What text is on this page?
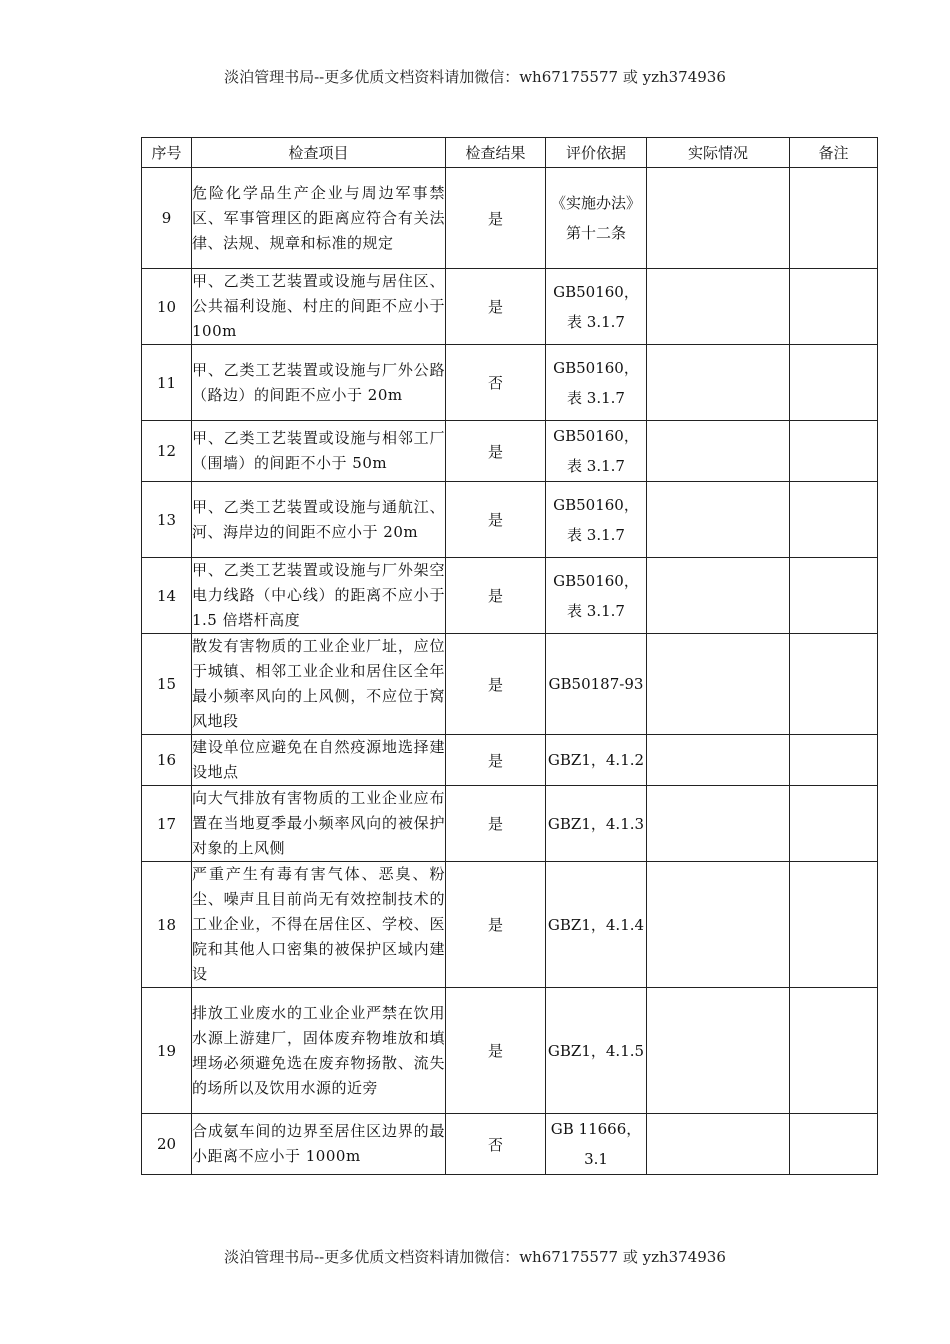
淡泊管理书局--更多优质文档资料请加微信：wh67175577 或 yzh374936
序号	检查项目	检查结果	评价依据	实际情况	备注
9	危险化学品生产企业与周边军事禁区、军事管理区的距离应符合有关法律、法规、规章和标准的规定	是	《实施办法》第十二条		
10	甲、乙类工艺装置或设施与居住区、公共福利设施、村庄的间距不应小于 100m	是	GB50160，表 3.1.7		
11	甲、乙类工艺装置或设施与厂外公路（路边）的间距不应小于 20m	否	GB50160，表 3.1.7		
12	甲、乙类工艺装置或设施与相邻工厂（围墙）的间距不小于 50m	是	GB50160，表 3.1.7		
13	甲、乙类工艺装置或设施与通航江、河、海岸边的间距不应小于 20m	是	GB50160，表 3.1.7		
14	甲、乙类工艺装置或设施与厂外架空电力线路（中心线）的距离不应小于 1.5 倍塔杆高度	是	GB50160，表 3.1.7		
15	散发有害物质的工业企业厂址，应位于城镇、相邻工业企业和居住区全年最小频率风向的上风侧，不应位于窝风地段	是	GB50187-93		
16	建设单位应避免在自然疫源地选择建设地点	是	GBZ1，4.1.2		
17	向大气排放有害物质的工业企业应布置在当地夏季最小频率风向的被保护对象的上风侧	是	GBZ1，4.1.3		
18	严重产生有毒有害气体、恶臭、粉尘、噪声且目前尚无有效控制技术的工业企业，不得在居住区、学校、医院和其他人口密集的被保护区域内建设	是	GBZ1，4.1.4		
19	排放工业废水的工业企业严禁在饮用水源上游建厂，固体废弃物堆放和填埋场必须避免选在废弃物扬散、流失的场所以及饮用水源的近旁	是	GBZ1，4.1.5		
20	合成氨车间的边界至居住区边界的最小距离不应小于 1000m	否	GB 11666，3.1		
淡泊管理书局--更多优质文档资料请加微信：wh67175577 或 yzh374936
